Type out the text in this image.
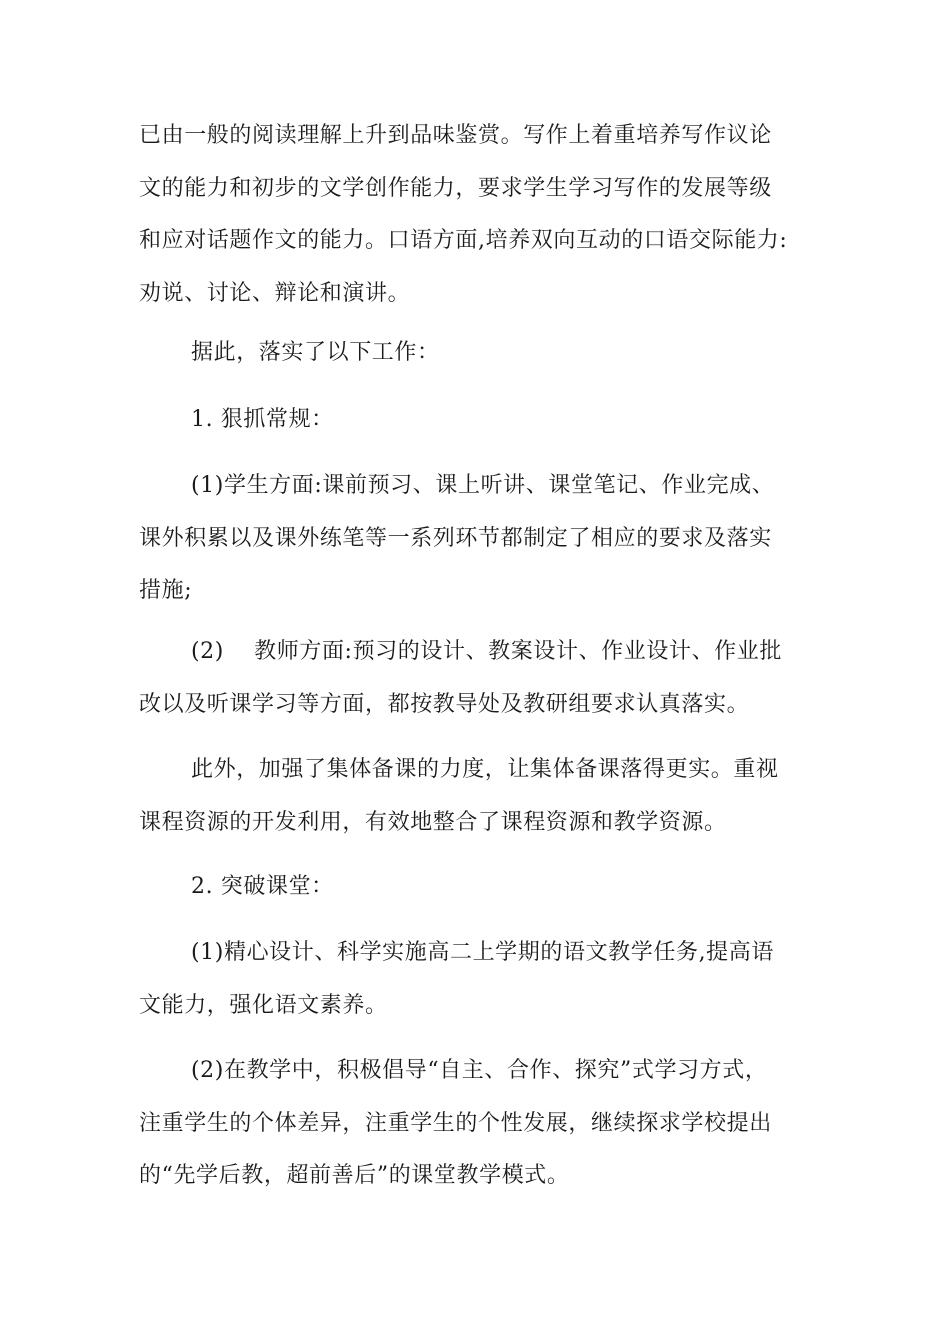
已由一般的阅读理解上升到品味鉴赏。写作上着重培养写作议论
文的能力和初步的文学创作能力，要求学生学习写作的发展等级
和应对话题作文的能力。口语方面,培养双向互动的口语交际能力:
劝说、讨论、辩论和演讲。

据此，落实了以下工作：

1. 狠抓常规：

(1)学生方面:课前预习、课上听讲、课堂笔记、作业完成、
课外积累以及课外练笔等一系列环节都制定了相应的要求及落实
措施;

(2)　 教师方面:预习的设计、教案设计、作业设计、作业批
改以及听课学习等方面，都按教导处及教研组要求认真落实。

此外，加强了集体备课的力度，让集体备课落得更实。重视
课程资源的开发利用，有效地整合了课程资源和教学资源。

2. 突破课堂：

(1)精心设计、科学实施高二上学期的语文教学任务,提高语
文能力，强化语文素养。

(2)在教学中，积极倡导“自主、合作、探究”式学习方式，
注重学生的个体差异，注重学生的个性发展，继续探求学校提出
的“先学后教，超前善后”的课堂教学模式。
